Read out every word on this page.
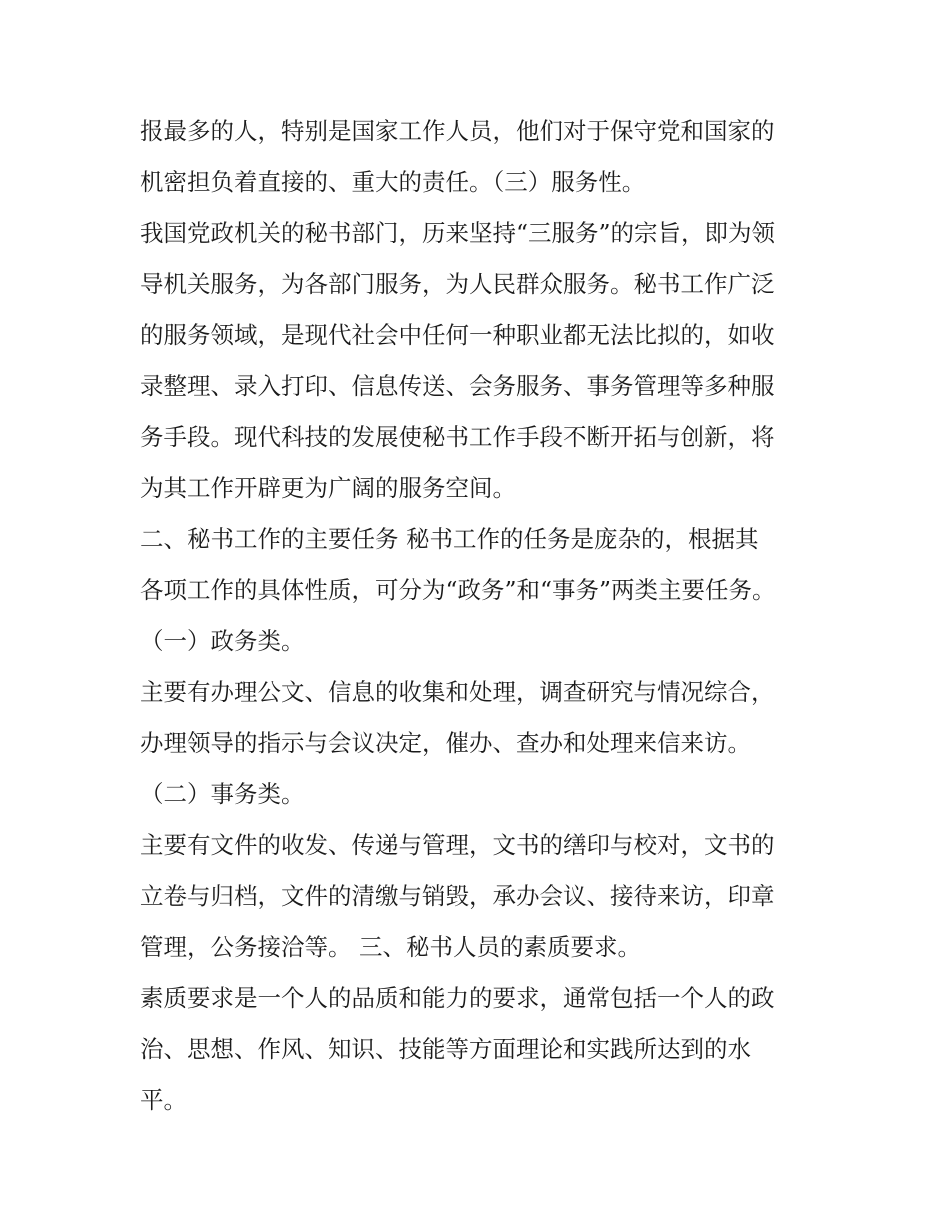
报最多的人，特别是国家工作人员，他们对于保守党和国家的
机密担负着直接的、重大的责任。（三）服务性。
我国党政机关的秘书部门，历来坚持“三服务”的宗旨，即为领
导机关服务，为各部门服务，为人民群众服务。秘书工作广泛
的服务领域，是现代社会中任何一种职业都无法比拟的，如收
录整理、录入打印、信息传送、会务服务、事务管理等多种服
务手段。现代科技的发展使秘书工作手段不断开拓与创新，将
为其工作开辟更为广阔的服务空间。
二、秘书工作的主要任务 秘书工作的任务是庞杂的，根据其
各项工作的具体性质，可分为“政务”和“事务”两类主要任务。
（一）政务类。
主要有办理公文、信息的收集和处理，调查研究与情况综合，
办理领导的指示与会议决定，催办、查办和处理来信来访。
（二）事务类。
主要有文件的收发、传递与管理，文书的缮印与校对，文书的
立卷与归档，文件的清缴与销毁，承办会议、接待来访，印章
管理，公务接洽等。 三、秘书人员的素质要求。
素质要求是一个人的品质和能力的要求，通常包括一个人的政
治、思想、作风、知识、技能等方面理论和实践所达到的水
平。
